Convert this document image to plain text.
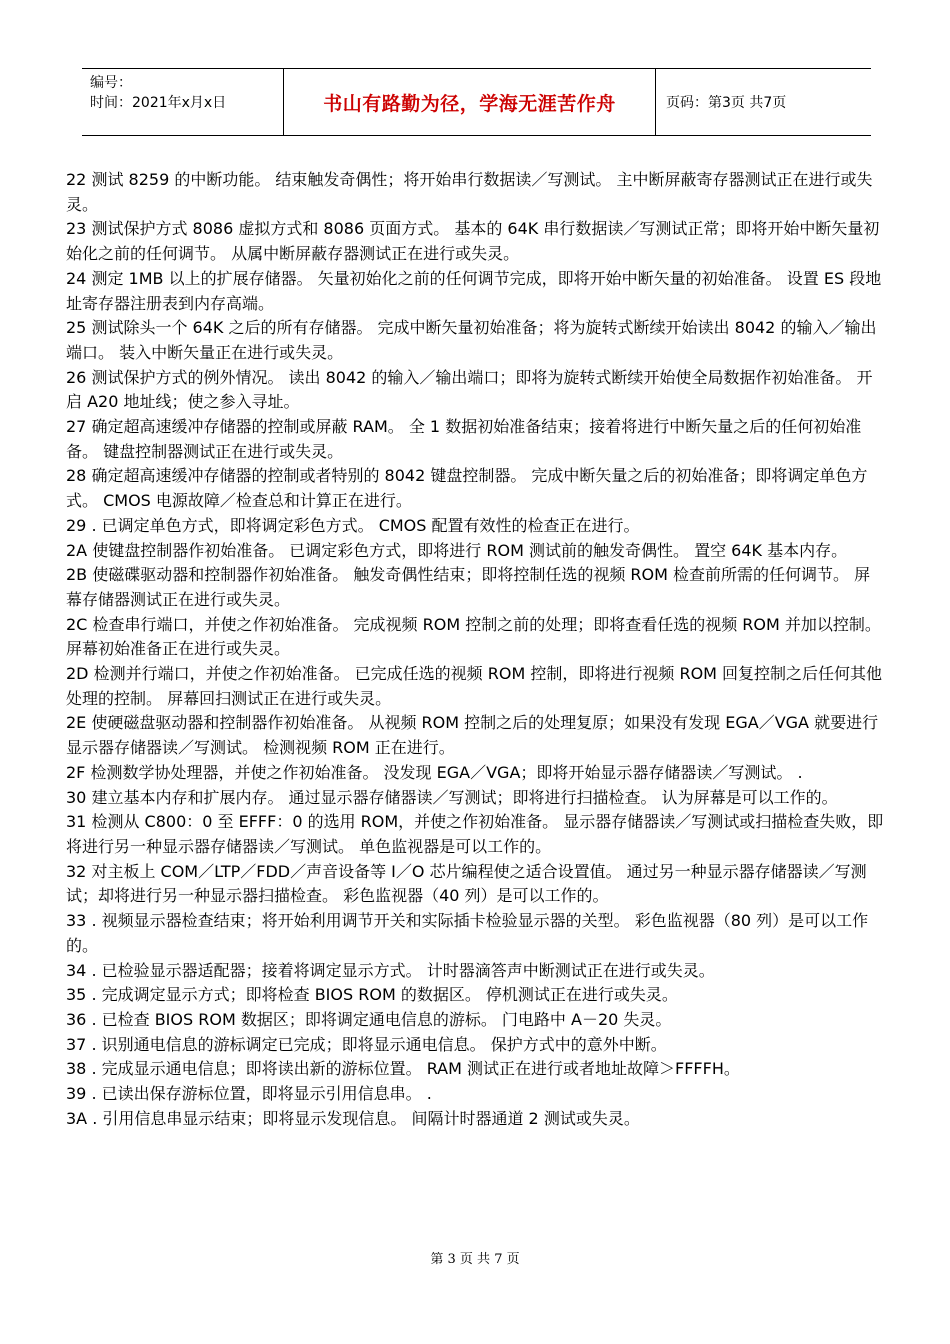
编号：
时间：2021年x月x日	书山有路勤为径，学海无涯苦作舟	页码：第3页 共7页

22 测试 8259 的中断功能。 结束触发奇偶性；将开始串行数据读／写测试。 主中断屏蔽寄存器测试正在进行或失灵。

23 测试保护方式 8086 虚拟方式和 8086 页面方式。 基本的 64K 串行数据读／写测试正常；即将开始中断矢量初始化之前的任何调节。 从属中断屏蔽存器测试正在进行或失灵。

24 测定 1MB 以上的扩展存储器。 矢量初始化之前的任何调节完成，即将开始中断矢量的初始准备。 设置 ES 段地址寄存器注册表到内存高端。

25 测试除头一个 64K 之后的所有存储器。 完成中断矢量初始准备；将为旋转式断续开始读出 8042 的输入／输出端口。 装入中断矢量正在进行或失灵。

26 测试保护方式的例外情况。 读出 8042 的输入／输出端口；即将为旋转式断续开始使全局数据作初始准备。 开启 A20 地址线；使之参入寻址。

27 确定超高速缓冲存储器的控制或屏蔽 RAM。 全 1 数据初始准备结束；接着将进行中断矢量之后的任何初始准备。 键盘控制器测试正在进行或失灵。

28 确定超高速缓冲存储器的控制或者特别的 8042 键盘控制器。 完成中断矢量之后的初始准备；即将调定单色方式。 CMOS 电源故障／检查总和计算正在进行。

29 . 已调定单色方式，即将调定彩色方式。 CMOS 配置有效性的检查正在进行。

2A 使键盘控制器作初始准备。 已调定彩色方式，即将进行 ROM 测试前的触发奇偶性。 置空 64K 基本内存。

2B 使磁碟驱动器和控制器作初始准备。 触发奇偶性结束；即将控制任选的视频 ROM 检查前所需的任何调节。 屏幕存储器测试正在进行或失灵。

2C 检查串行端口，并使之作初始准备。 完成视频 ROM 控制之前的处理；即将查看任选的视频 ROM 并加以控制。 屏幕初始准备正在进行或失灵。

2D 检测并行端口，并使之作初始准备。 已完成任选的视频 ROM 控制，即将进行视频 ROM 回复控制之后任何其他处理的控制。 屏幕回扫测试正在进行或失灵。

2E 使硬磁盘驱动器和控制器作初始准备。 从视频 ROM 控制之后的处理复原；如果没有发现 EGA／VGA 就要进行显示器存储器读／写测试。 检测视频 ROM 正在进行。

2F 检测数学协处理器，并使之作初始准备。 没发现 EGA／VGA；即将开始显示器存储器读／写测试。 .

30 建立基本内存和扩展内存。 通过显示器存储器读／写测试；即将进行扫描检查。 认为屏幕是可以工作的。

31 检测从 C800：0 至 EFFF：0 的选用 ROM，并使之作初始准备。 显示器存储器读／写测试或扫描检查失败，即将进行另一种显示器存储器读／写测试。 单色监视器是可以工作的。

32 对主板上 COM／LTP／FDD／声音设备等 I／O 芯片编程使之适合设置值。 通过另一种显示器存储器读／写测试；却将进行另一种显示器扫描检查。 彩色监视器（40 列）是可以工作的。

33 . 视频显示器检查结束；将开始利用调节开关和实际插卡检验显示器的关型。 彩色监视器（80 列）是可以工作的。

34 . 已检验显示器适配器；接着将调定显示方式。 计时器滴答声中断测试正在进行或失灵。

35 . 完成调定显示方式；即将检查 BIOS ROM 的数据区。 停机测试正在进行或失灵。

36 . 已检查 BIOS ROM 数据区；即将调定通电信息的游标。 门电路中 A－20 失灵。

37 . 识别通电信息的游标调定已完成；即将显示通电信息。 保护方式中的意外中断。

38 . 完成显示通电信息；即将读出新的游标位置。 RAM 测试正在进行或者地址故障＞FFFFH。

39 . 已读出保存游标位置，即将显示引用信息串。 .

3A . 引用信息串显示结束；即将显示发现信息。 间隔计时器通道 2 测试或失灵。

第 3 页 共 7 页
